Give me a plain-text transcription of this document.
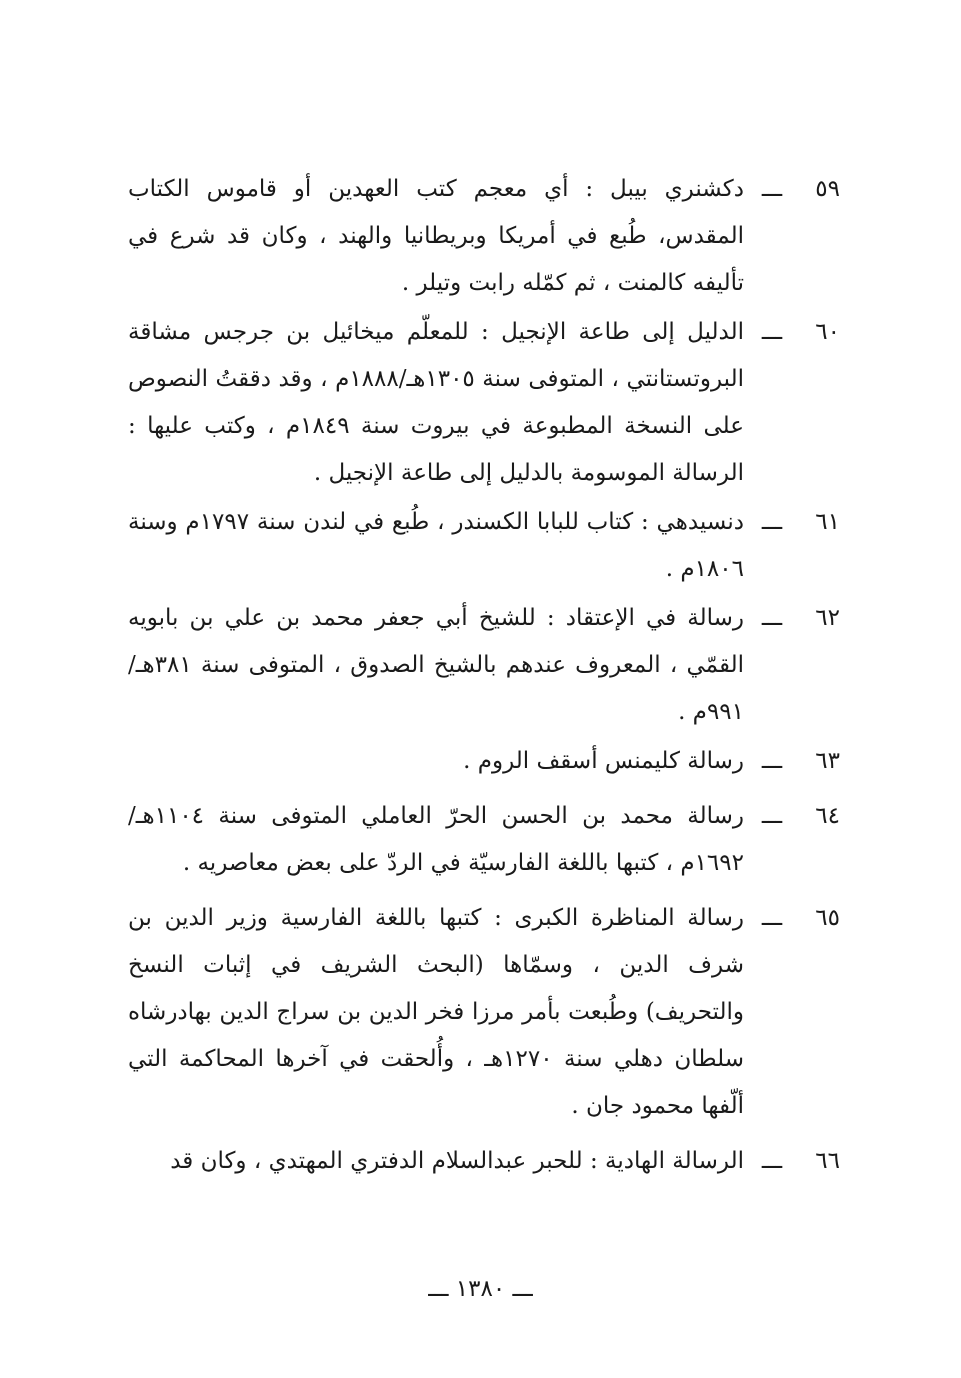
٥٩
ـــ
دكشنري بيبل : أي معجم كتب العهدين أو قاموس الكتاب المقدس، طُبع في أمريكا وبريطانيا والهند ، وكان قد شرع في تأليفه كالمنت ، ثم كمّله رابت وتيلر .
٦٠
ـــ
الدليل إلى طاعة الإنجيل : للمعلّم ميخائيل بن جرجس مشاقة البروتستانتي ، المتوفى سنة ١٣٠٥هـ/١٨٨٨م ، وقد دققتُ النصوص على النسخة المطبوعة في بيروت سنة ١٨٤٩م ، وكتب عليها : الرسالة الموسومة بالدليل إلى طاعة الإنجيل .
٦١
ـــ
دنسيدهي : كتاب للبابا الكسندر ، طُبع في لندن سنة ١٧٩٧م وسنة ١٨٠٦م .
٦٢
ـــ
رسالة في الإعتقاد : للشيخ أبي جعفر محمد بن علي بن بابويه القمّي ، المعروف عندهم بالشيخ الصدوق ، المتوفى سنة ٣٨١هـ/٩٩١م .
٦٣
ـــ
رسالة كليمنس أسقف الروم .
٦٤
ـــ
رسالة محمد بن الحسن الحرّ العاملي المتوفى سنة ١١٠٤هـ/١٦٩٢م ، كتبها باللغة الفارسيّة في الردّ على بعض معاصريه .
٦٥
ـــ
رسالة المناظرة الكبرى : كتبها باللغة الفارسية وزير الدين بن شرف الدين ، وسمّاها (البحث الشريف في إثبات النسخ والتحريف) وطُبعت بأمر مرزا فخر الدين بن سراج الدين بهادرشاه سلطان دهلي سنة ١٢٧٠هـ ، وأُلحقت في آخرها المحاكمة التي ألّفها محمود جان .
٦٦
ـــ
الرسالة الهادية : للحبر عبدالسلام الدفتري المهتدي ، وكان قد
ـــ ١٣٨٠ ـــ
